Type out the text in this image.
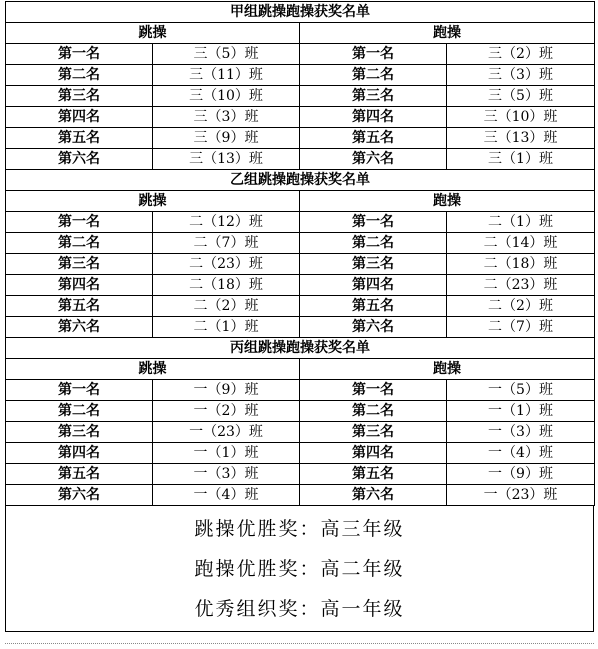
甲组跳操跑操获奖名单			
跳操		跑操	
第一名	三（5）班	第一名	三（2）班
第二名	三（11）班	第二名	三（3）班
第三名	三（10）班	第三名	三（5）班
第四名	三（3）班	第四名	三（10）班
第五名	三（9）班	第五名	三（13）班
第六名	三（13）班	第六名	三（1）班
乙组跳操跑操获奖名单			
跳操		跑操	
第一名	二（12）班	第一名	二（1）班
第二名	二（7）班	第二名	二（14）班
第三名	二（23）班	第三名	二（18）班
第四名	二（18）班	第四名	二（23）班
第五名	二（2）班	第五名	二（2）班
第六名	二（1）班	第六名	二（7）班
丙组跳操跑操获奖名单			
跳操		跑操	
第一名	一（9）班	第一名	一（5）班
第二名	一（2）班	第二名	一（1）班
第三名	一（23）班	第三名	一（3）班
第四名	一（1）班	第四名	一（4）班
第五名	一（3）班	第五名	一（9）班
第六名	一（4）班	第六名	一（23）班
跳操优胜奖：高三年级
跑操优胜奖：高二年级
优秀组织奖：高一年级
